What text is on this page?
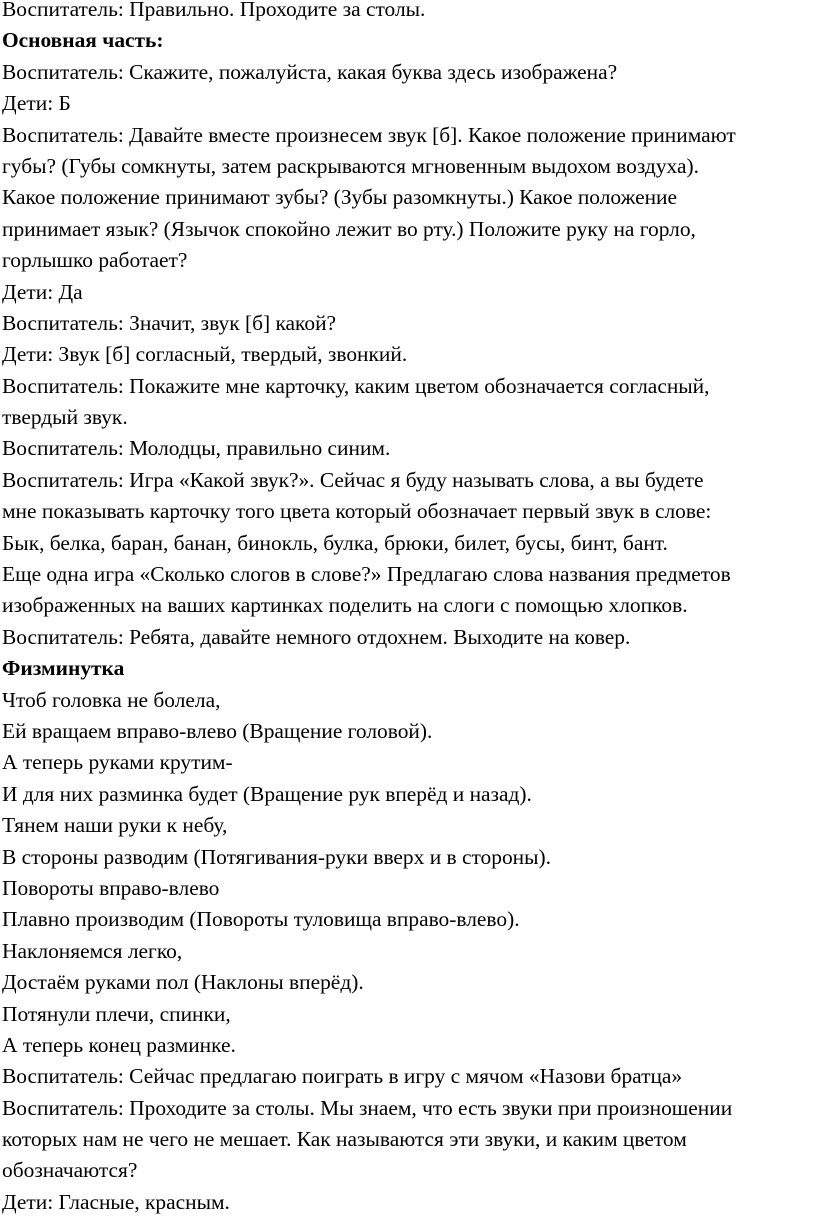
Воспитатель: Правильно. Проходите за столы.
Основная часть:
Воспитатель: Скажите, пожалуйста, какая буква здесь изображена?
Дети: Б
Воспитатель: Давайте вместе произнесем звук [б]. Какое положение принимают
губы? (Губы сомкнуты, затем раскрываются мгновенным выдохом воздуха).
Какое положение принимают зубы? (Зубы разомкнуты.) Какое положение
принимает язык? (Язычок спокойно лежит во рту.) Положите руку на горло,
горлышко работает?
Дети: Да
Воспитатель: Значит, звук [б] какой?
Дети: Звук [б] согласный, твердый, звонкий.
Воспитатель: Покажите мне карточку, каким цветом обозначается согласный,
твердый звук.
Воспитатель: Молодцы, правильно синим.
Воспитатель: Игра «Какой звук?». Сейчас я буду называть слова, а вы будете
мне показывать карточку того цвета который обозначает первый звук в слове:
Бык, белка, баран, банан, бинокль, булка, брюки, билет, бусы, бинт, бант.
Еще одна игра «Сколько слогов в слове?» Предлагаю слова названия предметов
изображенных на ваших картинках поделить на слоги с помощью хлопков.
Воспитатель: Ребята, давайте немного отдохнем. Выходите на ковер.
Физминутка
Чтоб головка не болела,
Ей вращаем вправо-влево (Вращение головой).
А теперь руками крутим-
И для них разминка будет (Вращение рук вперёд и назад).
Тянем наши руки к небу,
В стороны разводим (Потягивания-руки вверх и в стороны).
Повороты вправо-влево
Плавно производим (Повороты туловища вправо-влево).
Наклоняемся легко,
Достаём руками пол (Наклоны вперёд).
Потянули плечи, спинки,
А теперь конец разминке.
Воспитатель: Сейчас предлагаю поиграть в игру с мячом «Назови братца»
Воспитатель: Проходите за столы. Мы знаем, что есть звуки при произношении
которых нам не чего не мешает. Как называются эти звуки, и каким цветом
обозначаются?
Дети: Гласные, красным.
